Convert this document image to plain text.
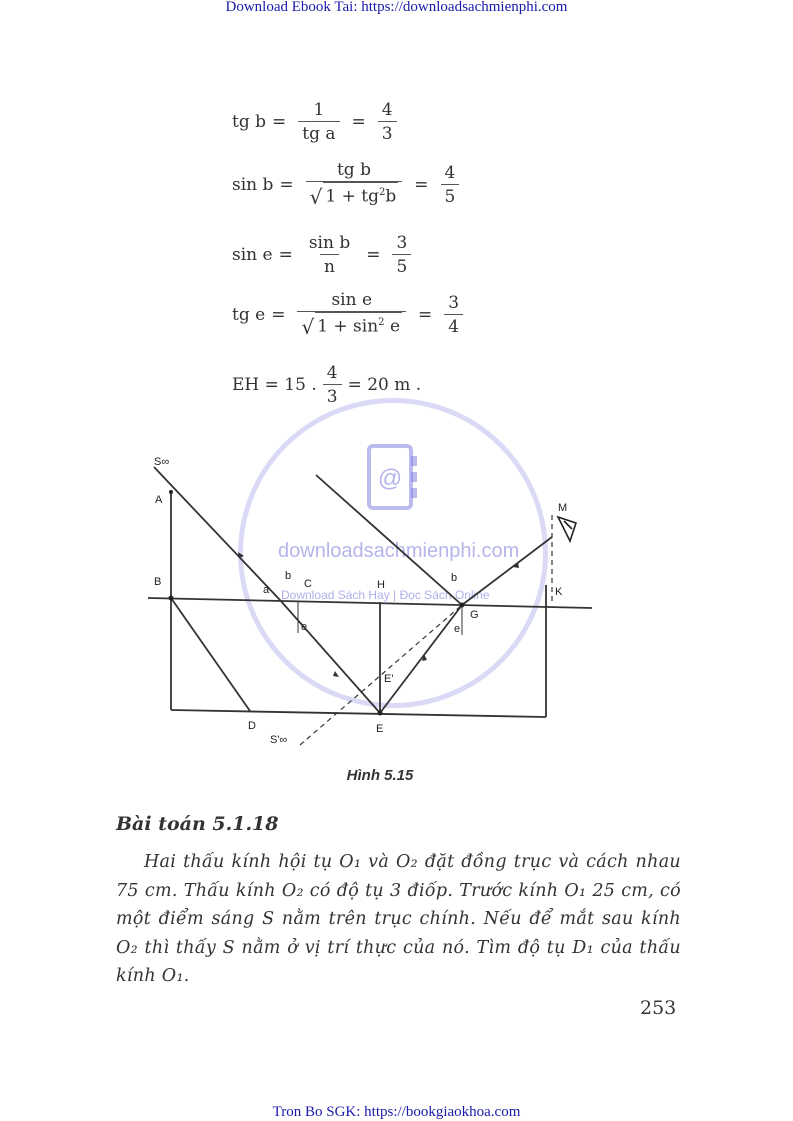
Download Ebook Tai: https://downloadsachmienphi.com
tg $b = \frac{1}{\text{tg a}} = \frac{4}{3}$
$\sin b = \frac{\text{tg b}}{√ 1 + tg^2b} = \frac{4}{5}$
$\sin e = \frac{\text{sin b}}{n} = \frac{3}{5}$
tg $e = \frac{\text{sin e}}{√ 1 + \sin^2 e} = \frac{3}{4}$
EH = 15 . $\frac{4}{3} = 20$ m .
@
downloadsachmienphi.com
Download Sách Hay | Đọc Sách Online
S∞
A
B
a
b
C	H
b
G
K
M
e	e
E'
D	E
S'∞
Hình 5.15
Bài toán 5.1.18
Hai thấu kính hội tụ O₁ và O₂ đặt đồng trục và cách nhau 75 cm. Thấu kính O₂ có độ tụ 3 điốp. Trước kính O₁ 25 cm, có một điểm sáng S nằm trên trục chính. Nếu để mắt sau kính O₂ thì thấy S nằm ở vị trí thực của nó. Tìm độ tụ D₁ của thấu kính O₁.
253
Tron Bo SGK: https://bookgiaokhoa.com
